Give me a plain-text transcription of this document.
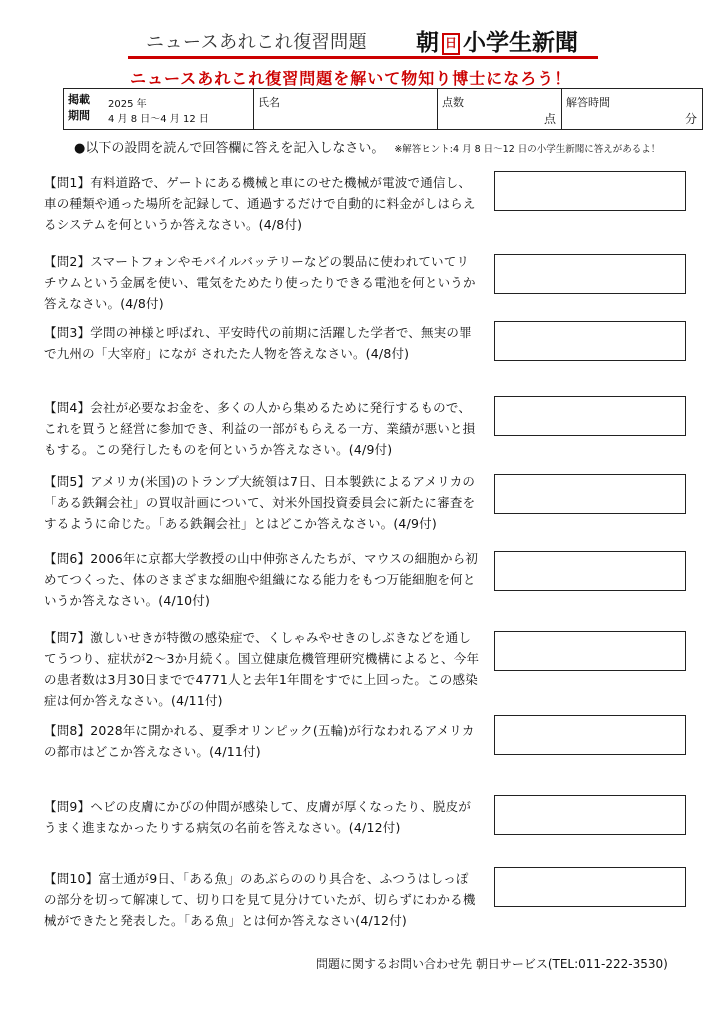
ニュースあれこれ復習問題 朝 日 小学生新聞
ニュースあれこれ復習問題を解いて物知り博士になろう！
掲載期間
2025 年
4 月 8 日～4 月 12 日
氏名	点数
点
解答時間
分
●以下の設問を読んで回答欄に答えを記入しなさい。 ※解答ヒント:4 月 8 日～12 日の小学生新聞に答えがあるよ！
【問1】有料道路で、ゲートにある機械と車にのせた機械が電波で通信し、車の種類や通った場所を記録して、通過するだけで自動的に料金がしはらえるシステムを何というか答えなさい。(4/8付)
【問2】スマートフォンやモバイルバッテリーなどの製品に使われていてリチウムという金属を使い、電気をためたり使ったりできる電池を何というか答えなさい。(4/8付)
【問3】学問の神様と呼ばれ、平安時代の前期に活躍した学者で、無実の罪で九州の「大宰府」になが されたた人物を答えなさい。(4/8付)
【問4】会社が必要なお金を、多くの人から集めるために発行するもので、これを買うと経営に参加でき、利益の一部がもらえる一方、業績が悪いと損もする。この発行したものを何というか答えなさい。(4/9付)
【問5】アメリカ(米国)のトランプ大統領は7日、日本製鉄によるアメリカの「ある鉄鋼会社」の買収計画について、対米外国投資委員会に新たに審査をするように命じた。「ある鉄鋼会社」とはどこか答えなさい。(4/9付)
【問6】2006年に京都大学教授の山中伸弥さんたちが、マウスの細胞から初めてつくった、体のさまざまな細胞や組織になる能力をもつ万能細胞を何というか答えなさい。(4/10付)
【問7】激しいせきが特徴の感染症で、くしゃみやせきのしぶきなどを通してうつり、症状が2～3か月続く。国立健康危機管理研究機構によると、今年の患者数は3月30日までで4771人と去年1年間をすでに上回った。この感染症は何か答えなさい。(4/11付)
【問8】2028年に開かれる、夏季オリンピック(五輪)が行なわれるアメリカの都市はどこか答えなさい。(4/11付)
【問9】ヘビの皮膚にかびの仲間が感染して、皮膚が厚くなったり、脱皮がうまく進まなかったりする病気の名前を答えなさい。(4/12付)
【問10】富士通が9日、「ある魚」のあぶらののり具合を、ふつうはしっぽの部分を切って解凍して、切り口を見て見分けていたが、切らずにわかる機械ができたと発表した。「ある魚」とは何か答えなさい(4/12付)
問題に関するお問い合わせ先 朝日サービス(TEL:011-222-3530)
